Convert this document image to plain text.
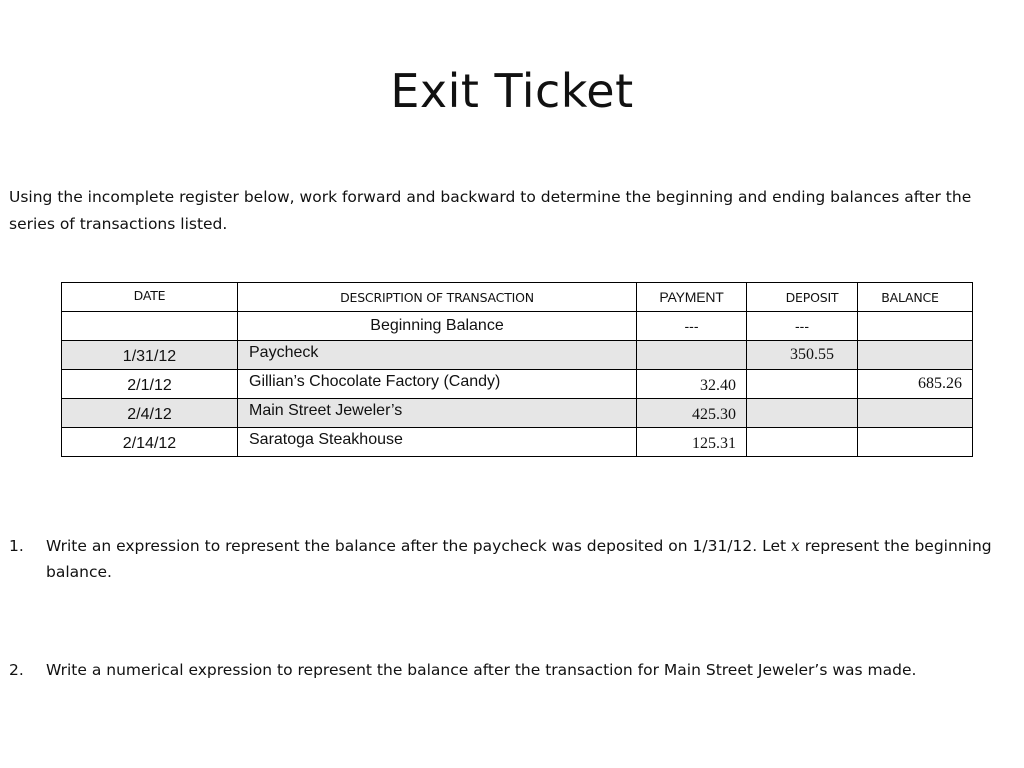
Exit Ticket

Using the incomplete register below, work forward and backward to determine the beginning and ending balances after the series of transactions listed.

DATE	DESCRIPTION OF TRANSACTION	PAYMENT	DEPOSIT	BALANCE
	Beginning Balance	---	---	
1/31/12	Paycheck		350.55	
2/1/12	Gillian’s Chocolate Factory (Candy)	32.40		685.26
2/4/12	Main Street Jeweler’s	425.30		
2/14/12	Saratoga Steakhouse	125.31		
1.	Write an expression to represent the balance after the paycheck was deposited on 1/31/12. Let x represent the beginning balance.
2.	Write a numerical expression to represent the balance after the transaction for Main Street Jeweler’s was made.
